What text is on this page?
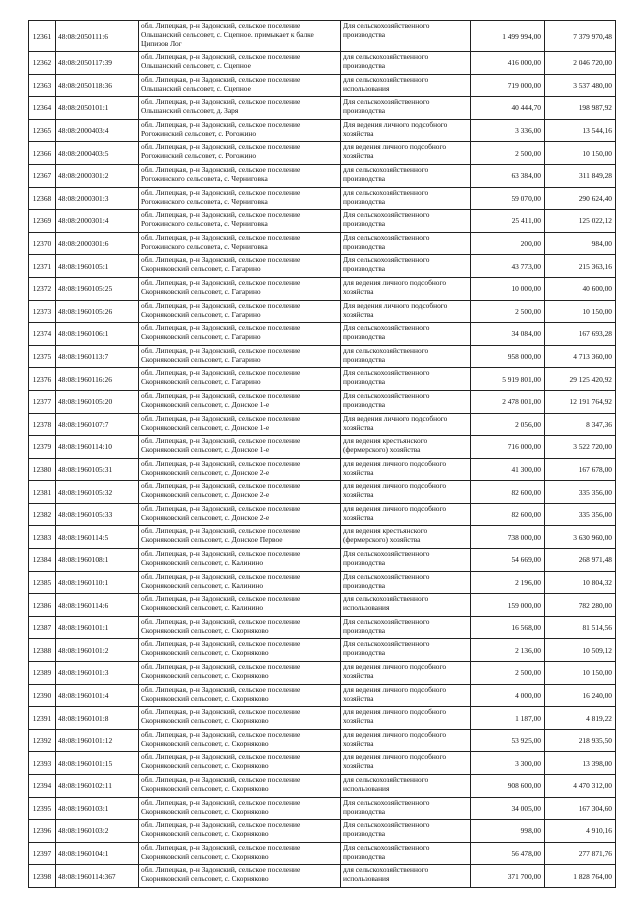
12361	48:08:2050111:6	обл. Липецкая, р-н Задонский, сельское поселение Ольшанский сельсовет, с. Сцепное. примыкает к балке Ципизов Лог	Для сельскохозяйственного производства	1 499 994,00	7 379 970,48
12362	48:08:2050117:39	обл. Липецкая, р-н Задонский, сельское поселение Ольшанский сельсовет, с. Сцепное	для сельскохозяйственного производства	416 000,00	2 046 720,00
12363	48:08:2050118:36	обл. Липецкая, р-н Задонский, сельское поселение Ольшанский сельсовет, с. Сцепное	для сельскохозяйственного использования	719 000,00	3 537 480,00
12364	48:08:2050101:1	обл. Липецкая, р-н Задонский, сельское поселение Ольшанский сельсовет, д. Заря	Для сельскохозяйственного производства	40 444,70	198 987,92
12365	48:08:2000403:4	обл. Липецкая, р-н Задонский, сельское поселение Рогожинский сельсовет, с. Рогожино	Для ведения личного подсобного хозяйства	3 336,00	13 544,16
12366	48:08:2000403:5	обл. Липецкая, р-н Задонский, сельское поселение Рогожинский сельсовет, с. Рогожино	для ведения личного подсобного хозяйства	2 500,00	10 150,00
12367	48:08:2000301:2	обл. Липецкая, р-н Задонский, сельское поселение Рогожинского сельсовета, с. Черниговка	для сельскохозяйственного производства	63 384,00	311 849,28
12368	48:08:2000301:3	обл. Липецкая, р-н Задонский, сельское поселение Рогожинского сельсовета, с. Черниговка	для сельскохозяйственного производства	59 070,00	290 624,40
12369	48:08:2000301:4	обл. Липецкая, р-н Задонский, сельское поселение Рогожинского сельсовета, с. Черниговка	Для сельскохозяйственного производства	25 411,00	125 022,12
12370	48:08:2000301:6	обл. Липецкая, р-н Задонский, сельское поселение Рогожинского сельсовета, с. Черниговка	Для сельскохозяйственного производства	200,00	984,00
12371	48:08:1960105:1	обл. Липецкая, р-н Задонский, сельское поселение Скорняковский сельсовет, с. Гагарино	Для сельскохозяйственного производства	43 773,00	215 363,16
12372	48:08:1960105:25	обл. Липецкая, р-н Задонский, сельское поселение Скорняковский сельсовет, с. Гагарино	для ведения личного подсобного хозяйства	10 000,00	40 600,00
12373	48:08:1960105:26	обл. Липецкая, р-н Задонский, сельское поселение Скорняковский сельсовет, с. Гагарино	Для ведения личного подсобного хозяйства	2 500,00	10 150,00
12374	48:08:1960106:1	обл. Липецкая, р-н Задонский, сельское поселение Скорняковский сельсовет, с. Гагарино	Для сельскохозяйственного производства	34 084,00	167 693,28
12375	48:08:1960113:7	обл. Липецкая, р-н Задонский, сельское поселение Скорняковский сельсовет, с. Гагарино	для сельскохозяйственного производства	958 000,00	4 713 360,00
12376	48:08:1960116:26	обл. Липецкая, р-н Задонский, сельское поселение Скорняковский сельсовет, с. Гагарино	Для сельскохозяйственного производства	5 919 801,00	29 125 420,92
12377	48:08:1960105:20	обл. Липецкая, р-н Задонский, сельское поселение Скорняковский сельсовет, с. Донское 1-е	Для сельскохозяйственного производства	2 478 001,00	12 191 764,92
12378	48:08:1960107:7	обл. Липецкая, р-н Задонский, сельское поселение Скорняковский сельсовет, с. Донское 1-е	Для ведения личного подсобного хозяйства	2 056,00	8 347,36
12379	48:08:1960114:10	обл. Липецкая, р-н Задонский, сельское поселение Скорняковский сельсовет, с. Донское 1-е	для ведения крестьянского (фермерского) хозяйства	716 000,00	3 522 720,00
12380	48:08:1960105:31	обл. Липецкая, р-н Задонский, сельское поселение Скорняковский сельсовет, с. Донское 2-е	для ведения личного подсобного хозяйства	41 300,00	167 678,00
12381	48:08:1960105:32	обл. Липецкая, р-н Задонский, сельское поселение Скорняковский сельсовет, с. Донское 2-е	для ведения личного подсобного хозяйства	82 600,00	335 356,00
12382	48:08:1960105:33	обл. Липецкая, р-н Задонский, сельское поселение Скорняковский сельсовет, с. Донское 2-е	для ведения личного подсобного хозяйства	82 600,00	335 356,00
12383	48:08:1960114:5	обл. Липецкая, р-н Задонский, сельское поселение Скорняковский сельсовет, с. Донское Первое	для ведения крестьянского (фермерского) хозяйства	738 000,00	3 630 960,00
12384	48:08:1960108:1	обл. Липецкая, р-н Задонский, сельское поселение Скорняковский сельсовет, с. Калинино	Для сельскохозяйственного производства	54 669,00	268 971,48
12385	48:08:1960110:1	обл. Липецкая, р-н Задонский, сельское поселение Скорняковский сельсовет, с. Калинино	Для сельскохозяйственного производства	2 196,00	10 804,32
12386	48:08:1960114:6	обл. Липецкая, р-н Задонский, сельское поселение Скорняковский сельсовет, с. Калинино	для сельскохозяйственного использования	159 000,00	782 280,00
12387	48:08:1960101:1	обл. Липецкая, р-н Задонский, сельское поселение Скорняковский сельсовет, с. Скорняково	Для сельскохозяйственного производства	16 568,00	81 514,56
12388	48:08:1960101:2	обл. Липецкая, р-н Задонский, сельское поселение Скорняковский сельсовет, с. Скорняково	Для сельскохозяйственного производства	2 136,00	10 509,12
12389	48:08:1960101:3	обл. Липецкая, р-н Задонский, сельское поселение Скорняковский сельсовет, с. Скорняково	для ведения личного подсобного хозяйства	2 500,00	10 150,00
12390	48:08:1960101:4	обл. Липецкая, р-н Задонский, сельское поселение Скорняковский сельсовет, с. Скорняково	для ведения личного подсобного хозяйства	4 000,00	16 240,00
12391	48:08:1960101:8	обл. Липецкая, р-н Задонский, сельское поселение Скорняковский сельсовет, с. Скорняково	для ведения личного подсобного хозяйства	1 187,00	4 819,22
12392	48:08:1960101:12	обл. Липецкая, р-н Задонский, сельское поселение Скорняковский сельсовет, с. Скорняково	для ведения личного подсобного хозяйства	53 925,00	218 935,50
12393	48:08:1960101:15	обл. Липецкая, р-н Задонский, сельское поселение Скорняковский сельсовет, с. Скорняково	для ведения личного подсобного хозяйства	3 300,00	13 398,00
12394	48:08:1960102:11	обл. Липецкая, р-н Задонский, сельское поселение Скорняковский сельсовет, с. Скорняково	для сельскохозяйственного использования	908 600,00	4 470 312,00
12395	48:08:1960103:1	обл. Липецкая, р-н Задонский, сельское поселение Скорняковский сельсовет, с. Скорняково	Для сельскохозяйственного производства	34 005,00	167 304,60
12396	48:08:1960103:2	обл. Липецкая, р-н Задонский, сельское поселение Скорняковский сельсовет, с. Скорняково	Для сельскохозяйственного производства	998,00	4 910,16
12397	48:08:1960104:1	обл. Липецкая, р-н Задонский, сельское поселение Скорняковский сельсовет, с. Скорняково	Для сельскохозяйственного производства	56 478,00	277 871,76
12398	48:08:1960114:367	обл. Липецкая, р-н Задонский, сельское поселение Скорняковский сельсовет, с. Скорняково	для сельскохозяйственного использования	371 700,00	1 828 764,00
